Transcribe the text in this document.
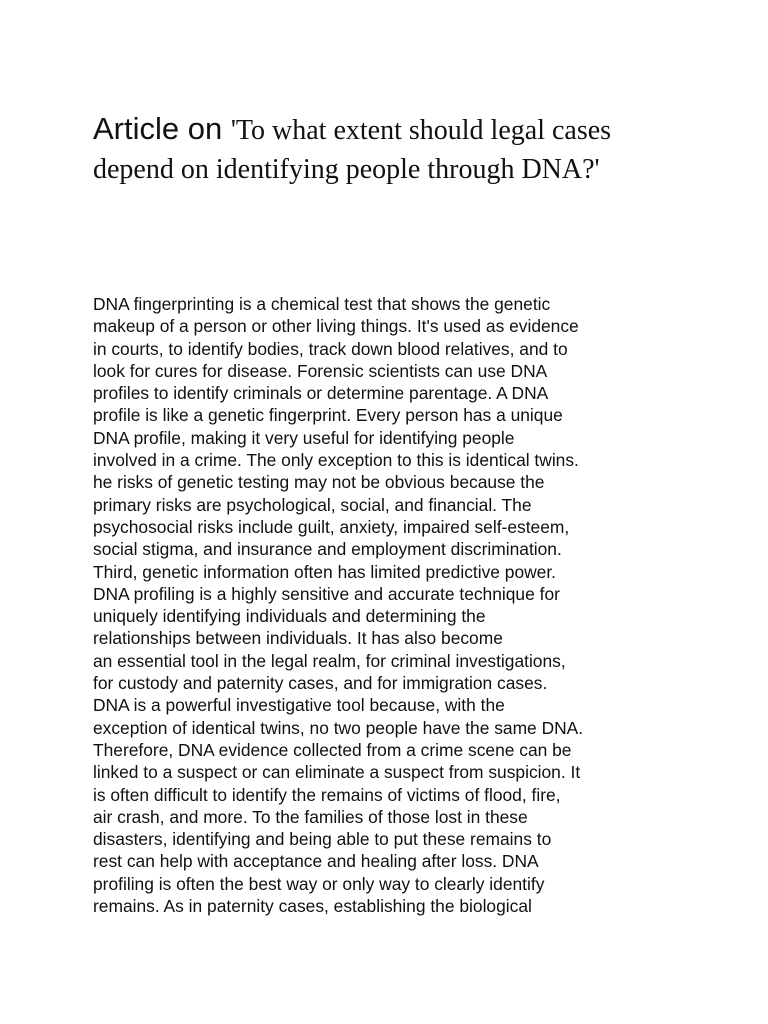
Article on 'To what extent should legal cases depend on identifying people through DNA?'
DNA fingerprinting is a chemical test that shows the genetic
makeup of a person or other living things. It's used as evidence
in courts, to identify bodies, track down blood relatives, and to
look for cures for disease. Forensic scientists can use DNA
profiles to identify criminals or determine parentage. A DNA
profile is like a genetic fingerprint. Every person has a unique
DNA profile, making it very useful for identifying people
involved in a crime. The only exception to this is identical twins.
he risks of genetic testing may not be obvious because the
primary risks are psychological, social, and financial. The
psychosocial risks include guilt, anxiety, impaired self-esteem,
social stigma, and insurance and employment discrimination.
Third, genetic information often has limited predictive power.
DNA profiling is a highly sensitive and accurate technique for
uniquely identifying individuals and determining the
relationships between individuals. It has also become
an essential tool in the legal realm, for criminal investigations,
for custody and paternity cases, and for immigration cases.
DNA is a powerful investigative tool because, with the
exception of identical twins, no two people have the same DNA.
Therefore, DNA evidence collected from a crime scene can be
linked to a suspect or can eliminate a suspect from suspicion. It
is often difficult to identify the remains of victims of flood, fire,
air crash, and more. To the families of those lost in these
disasters, identifying and being able to put these remains to
rest can help with acceptance and healing after loss. DNA
profiling is often the best way or only way to clearly identify
remains. As in paternity cases, establishing the biological
